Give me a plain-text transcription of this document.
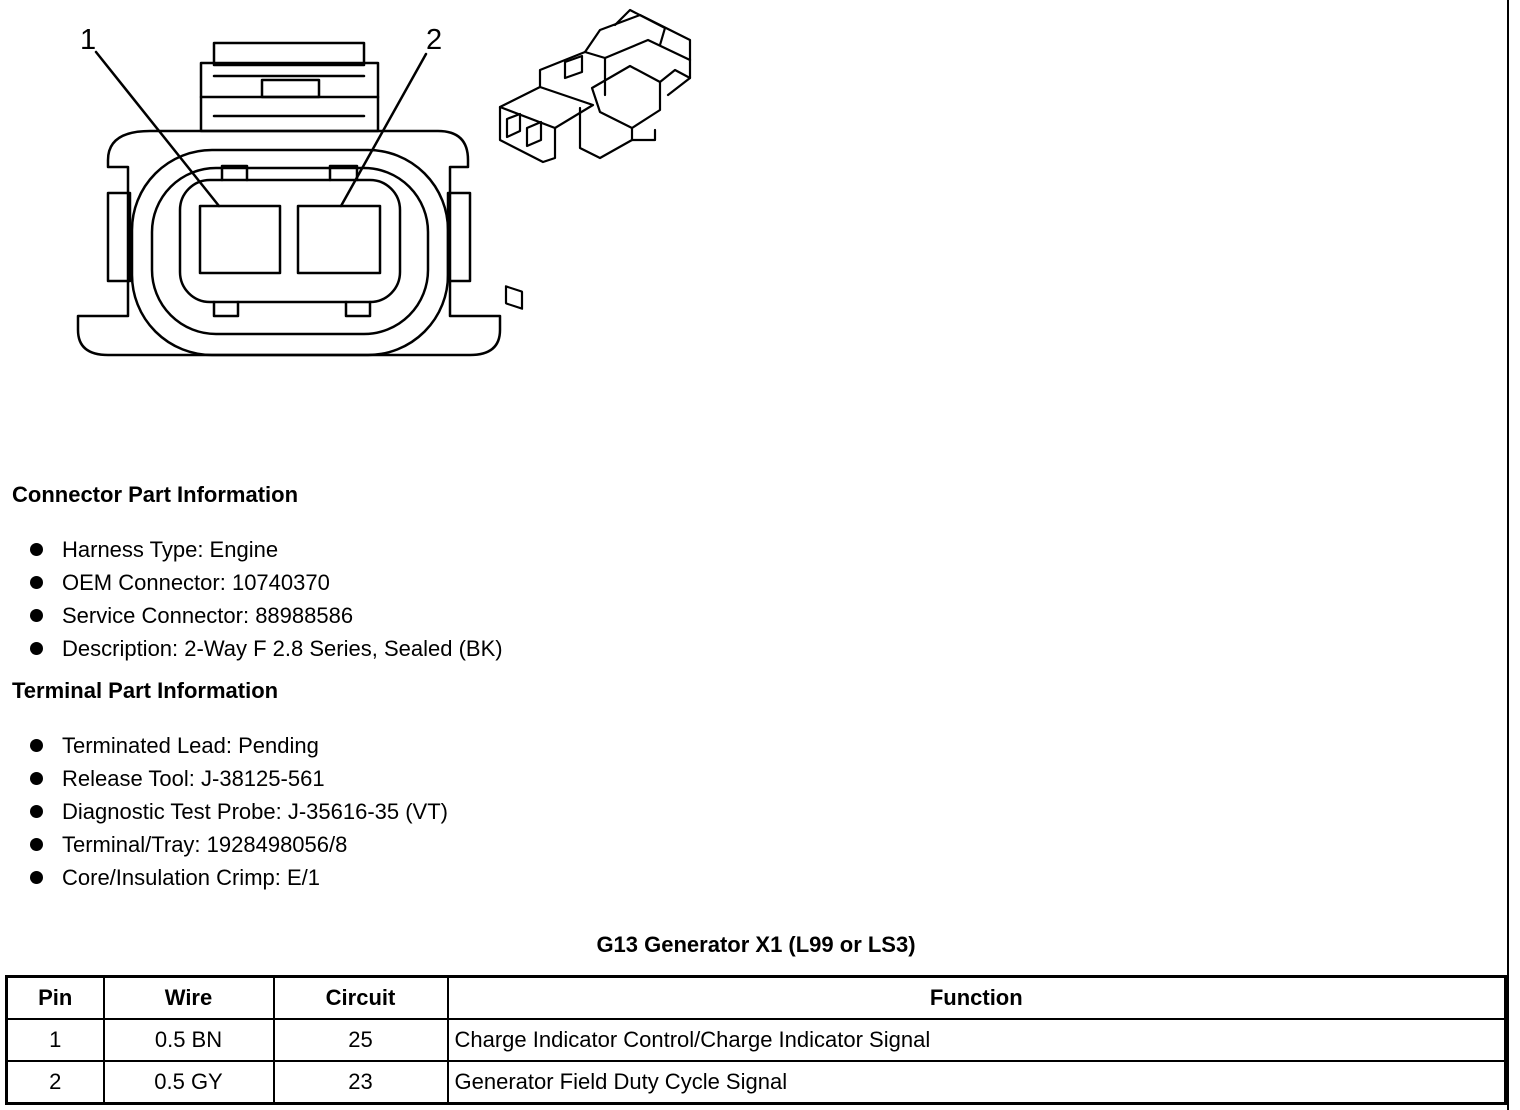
1	2
Connector Part Information
Harness Type: Engine
OEM Connector: 10740370
Service Connector: 88988586
Description: 2-Way F 2.8 Series, Sealed (BK)
Terminal Part Information
Terminated Lead: Pending
Release Tool: J-38125-561
Diagnostic Test Probe: J-35616-35 (VT)
Terminal/Tray: 1928498056/8
Core/Insulation Crimp: E/1
G13 Generator X1 (L99 or LS3)
Pin	Wire	Circuit	Function
1	0.5 BN	25	Charge Indicator Control/Charge Indicator Signal
2	0.5 GY	23	Generator Field Duty Cycle Signal
